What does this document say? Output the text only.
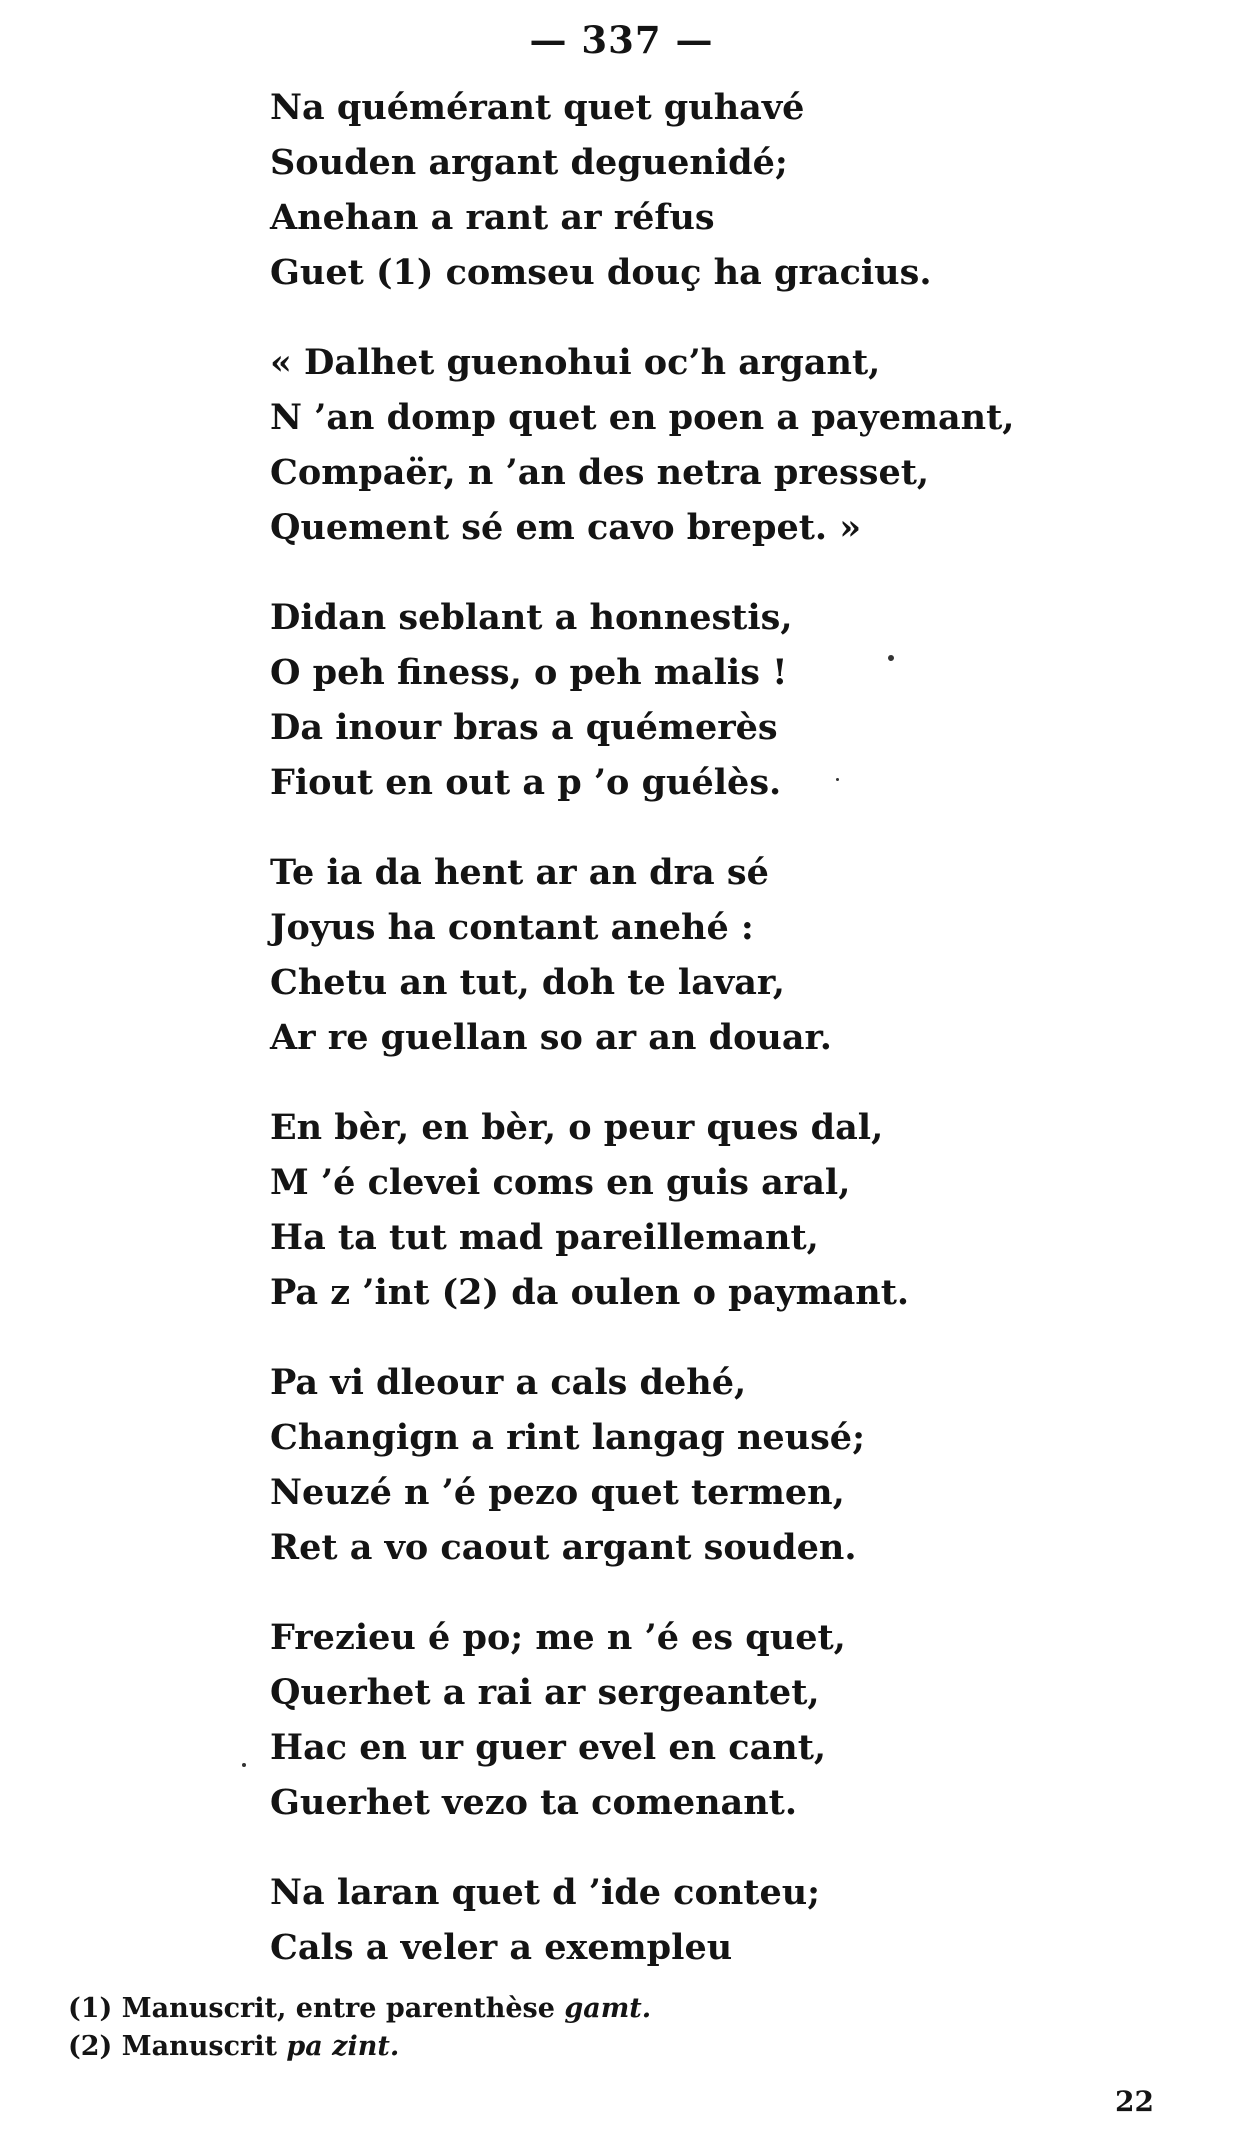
— 337 —
Na quémérant quet guhavé
Souden argant deguenidé;
Anehan a rant ar réfus
Guet (1) comseu douç ha gracius.
« Dalhet guenohui oc’h argant,
N ’an domp quet en poen a payemant,
Compaër, n ’an des netra presset,
Quement sé em cavo brepet. »
Didan seblant a honnestis,
O peh finess, o peh malis !
Da inour bras a quémerès
Fiout en out a p ’o guélès.
Te ia da hent ar an dra sé
Joyus ha contant anehé :
Chetu an tut, doh te lavar,
Ar re guellan so ar an douar.
En bèr, en bèr, o peur ques dal,
M ’é clevei coms en guis aral,
Ha ta tut mad pareillemant,
Pa z ’int (2) da oulen o paymant.
Pa vi dleour a cals dehé,
Changign a rint langag neusé;
Neuzé n ’é pezo quet termen,
Ret a vo caout argant souden.
Frezieu é po; me n ’é es quet,
Querhet a rai ar sergeantet,
Hac en ur guer evel en cant,
Guerhet vezo ta comenant.
Na laran quet d ’ide conteu;
Cals a veler a exempleu
(1) Manuscrit, entre parenthèse gamt.
(2) Manuscrit pa zint.
22
